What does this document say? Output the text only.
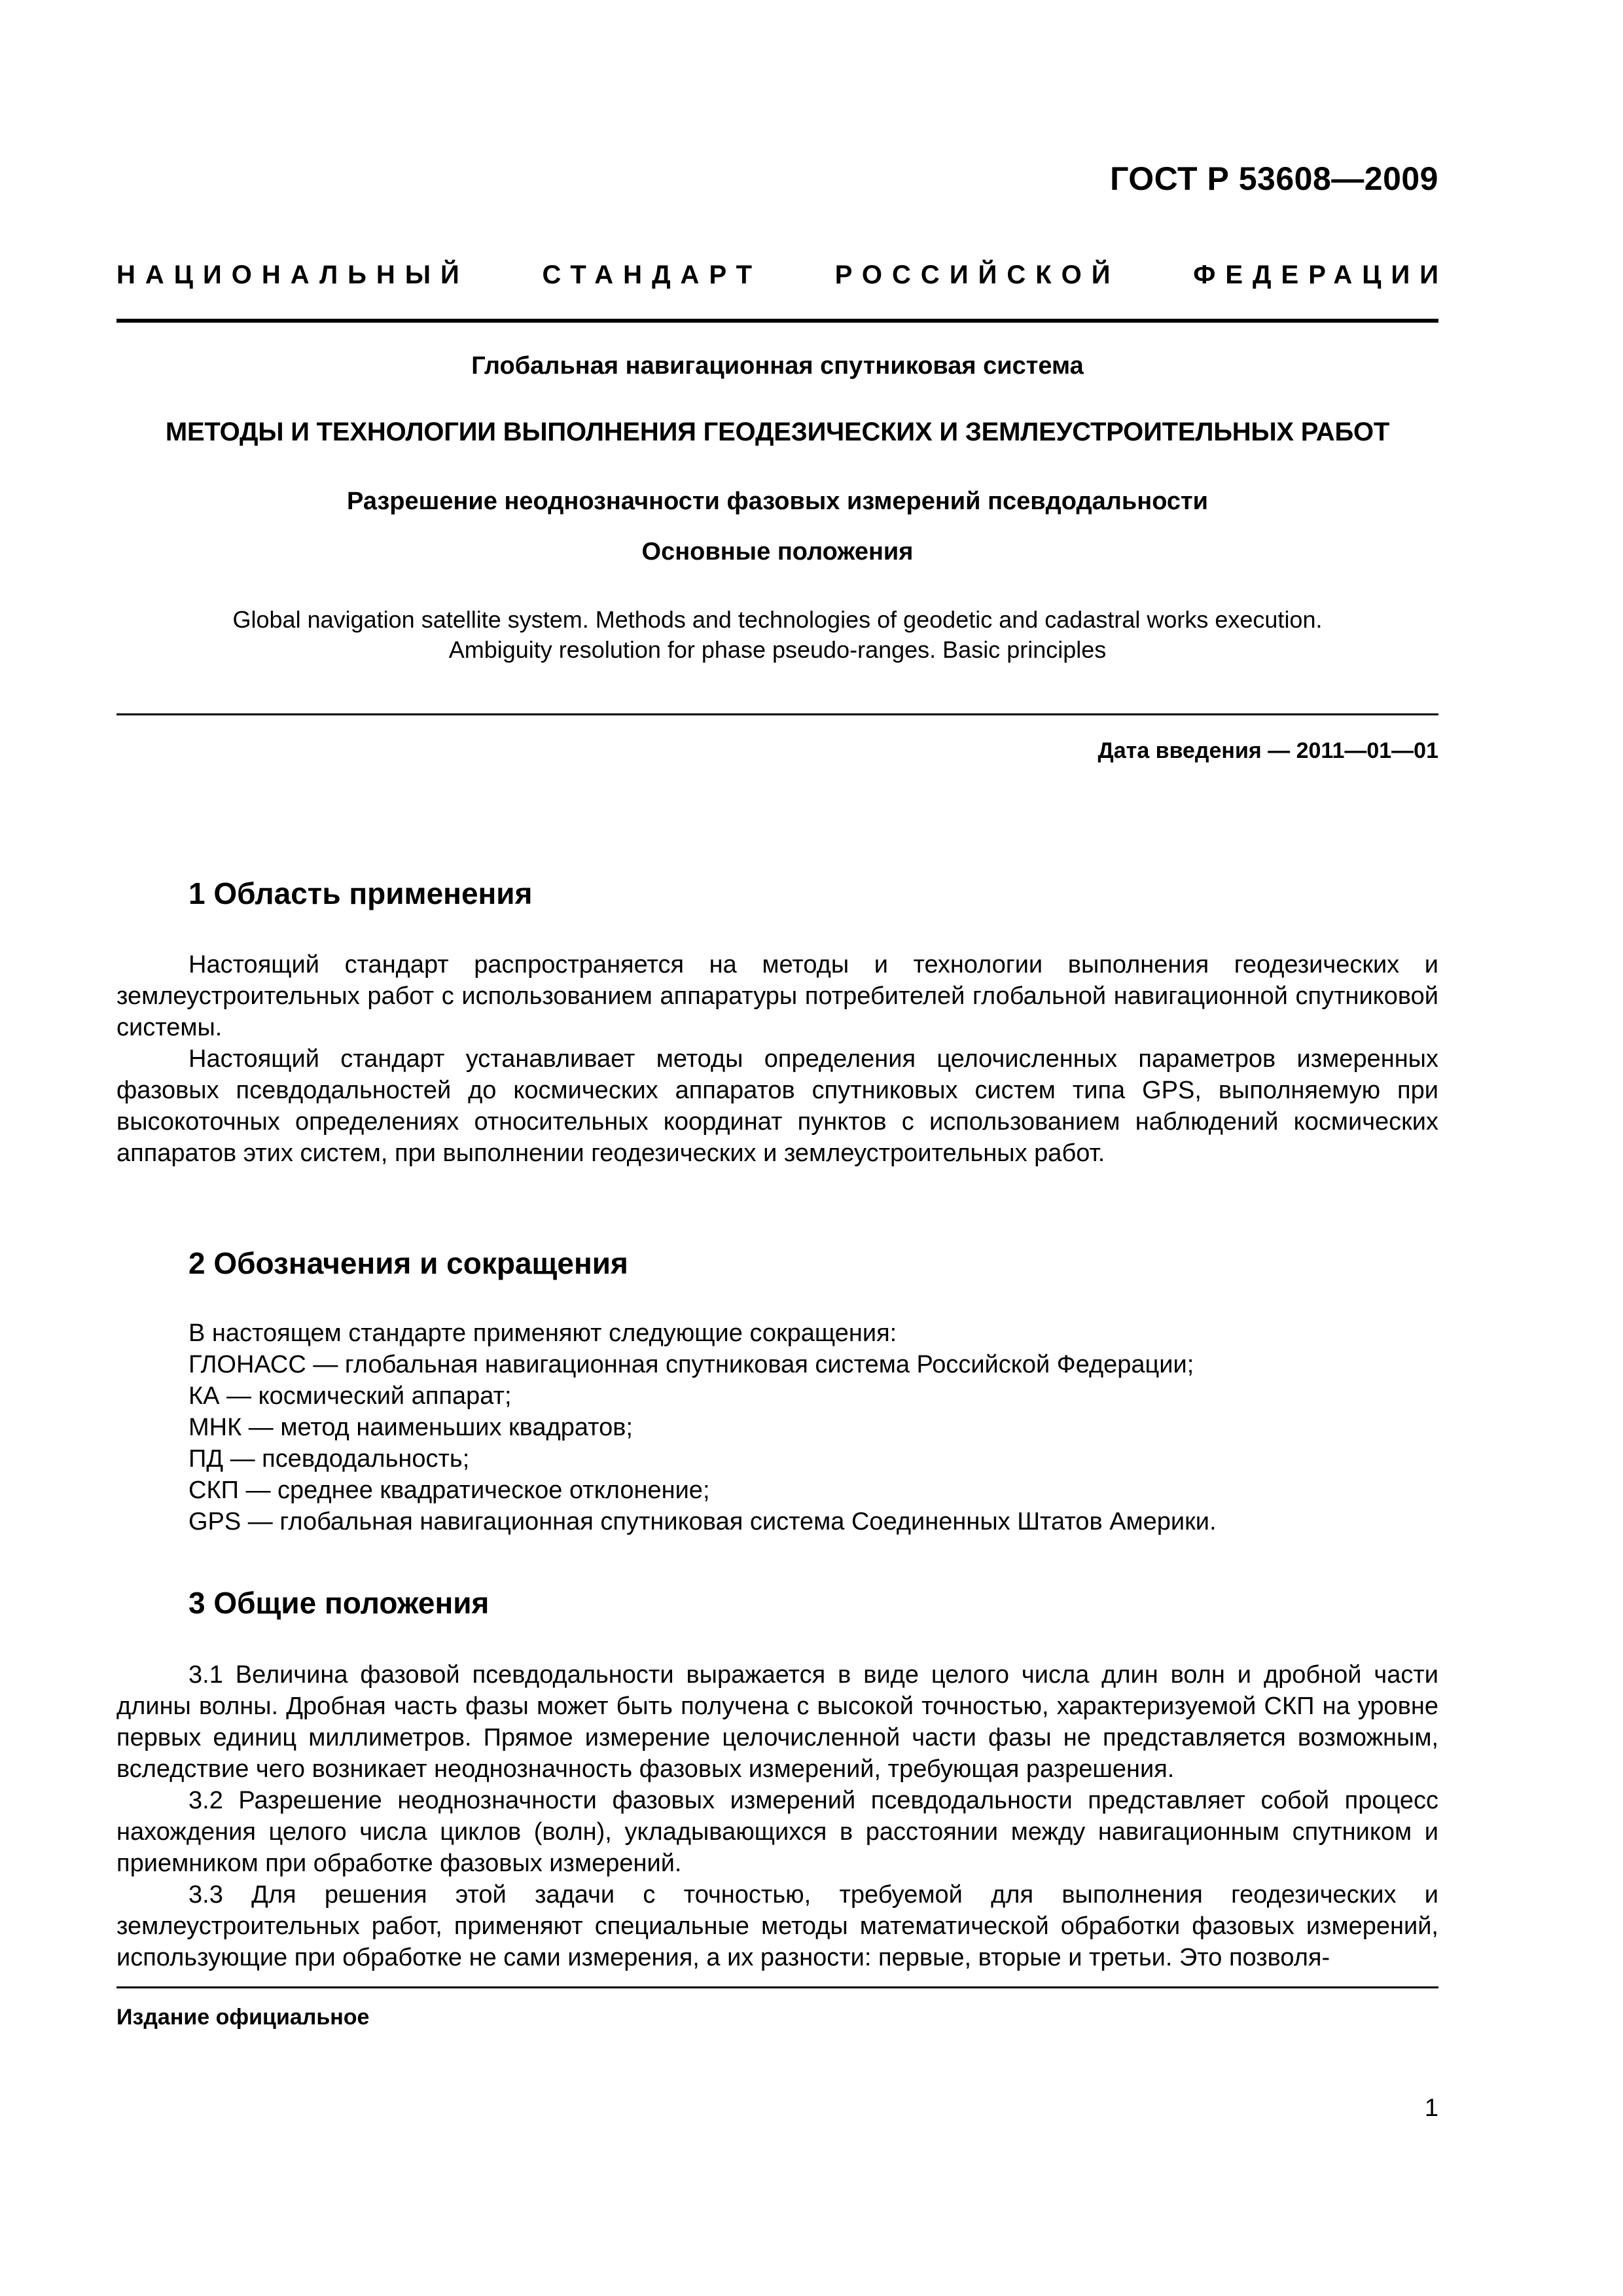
ГОСТ Р 53608—2009
НАЦИОНАЛЬНЫЙ	СТАНДАРТ	РОССИЙСКОЙ	ФЕДЕРАЦИИ
Глобальная навигационная спутниковая система
МЕТОДЫ И ТЕХНОЛОГИИ ВЫПОЛНЕНИЯ ГЕОДЕЗИЧЕСКИХ И ЗЕМЛЕУСТРОИТЕЛЬНЫХ РАБОТ
Разрешение неоднозначности фазовых измерений псевдодальности
Основные положения
Global navigation satellite system. Methods and technologies of geodetic and cadastral works execution.
Ambiguity resolution for phase pseudo-ranges. Basic principles
Дата введения — 2011—01—01
1 Область применения

Настоящий стандарт распространяется на методы и технологии выполнения геодезических и землеустроительных работ с использованием аппаратуры потребителей глобальной навигационной спутниковой системы.

Настоящий стандарт устанавливает методы определения целочисленных параметров измеренных фазовых псевдодальностей до космических аппаратов спутниковых систем типа GPS, выполняемую при высокоточных определениях относительных координат пунктов с использованием наблюдений космических аппаратов этих систем, при выполнении геодезических и землеустроительных работ.

2 Обозначения и сокращения
В настоящем стандарте применяют следующие сокращения:
ГЛОНАСС — глобальная навигационная спутниковая система Российской Федерации;
КА — космический аппарат;
МНК — метод наименьших квадратов;
ПД — псевдодальность;
СКП — среднее квадратическое отклонение;
GPS — глобальная навигационная спутниковая система Соединенных Штатов Америки.
3 Общие положения

3.1 Величина фазовой псевдодальности выражается в виде целого числа длин волн и дробной части длины волны. Дробная часть фазы может быть получена с высокой точностью, характеризуемой СКП на уровне первых единиц миллиметров. Прямое измерение целочисленной части фазы не представляется возможным, вследствие чего возникает неоднозначность фазовых измерений, требующая разрешения.

3.2 Разрешение неоднозначности фазовых измерений псевдодальности представляет собой процесс нахождения целого числа циклов (волн), укладывающихся в расстоянии между навигационным спутником и приемником при обработке фазовых измерений.

3.3 Для решения этой задачи с точностью, требуемой для выполнения геодезических и землеустроительных работ, применяют специальные методы математической обработки фазовых измерений, использующие при обработке не сами измерения, а их разности: первые, вторые и третьи. Это позволя-

Издание официальное
1
